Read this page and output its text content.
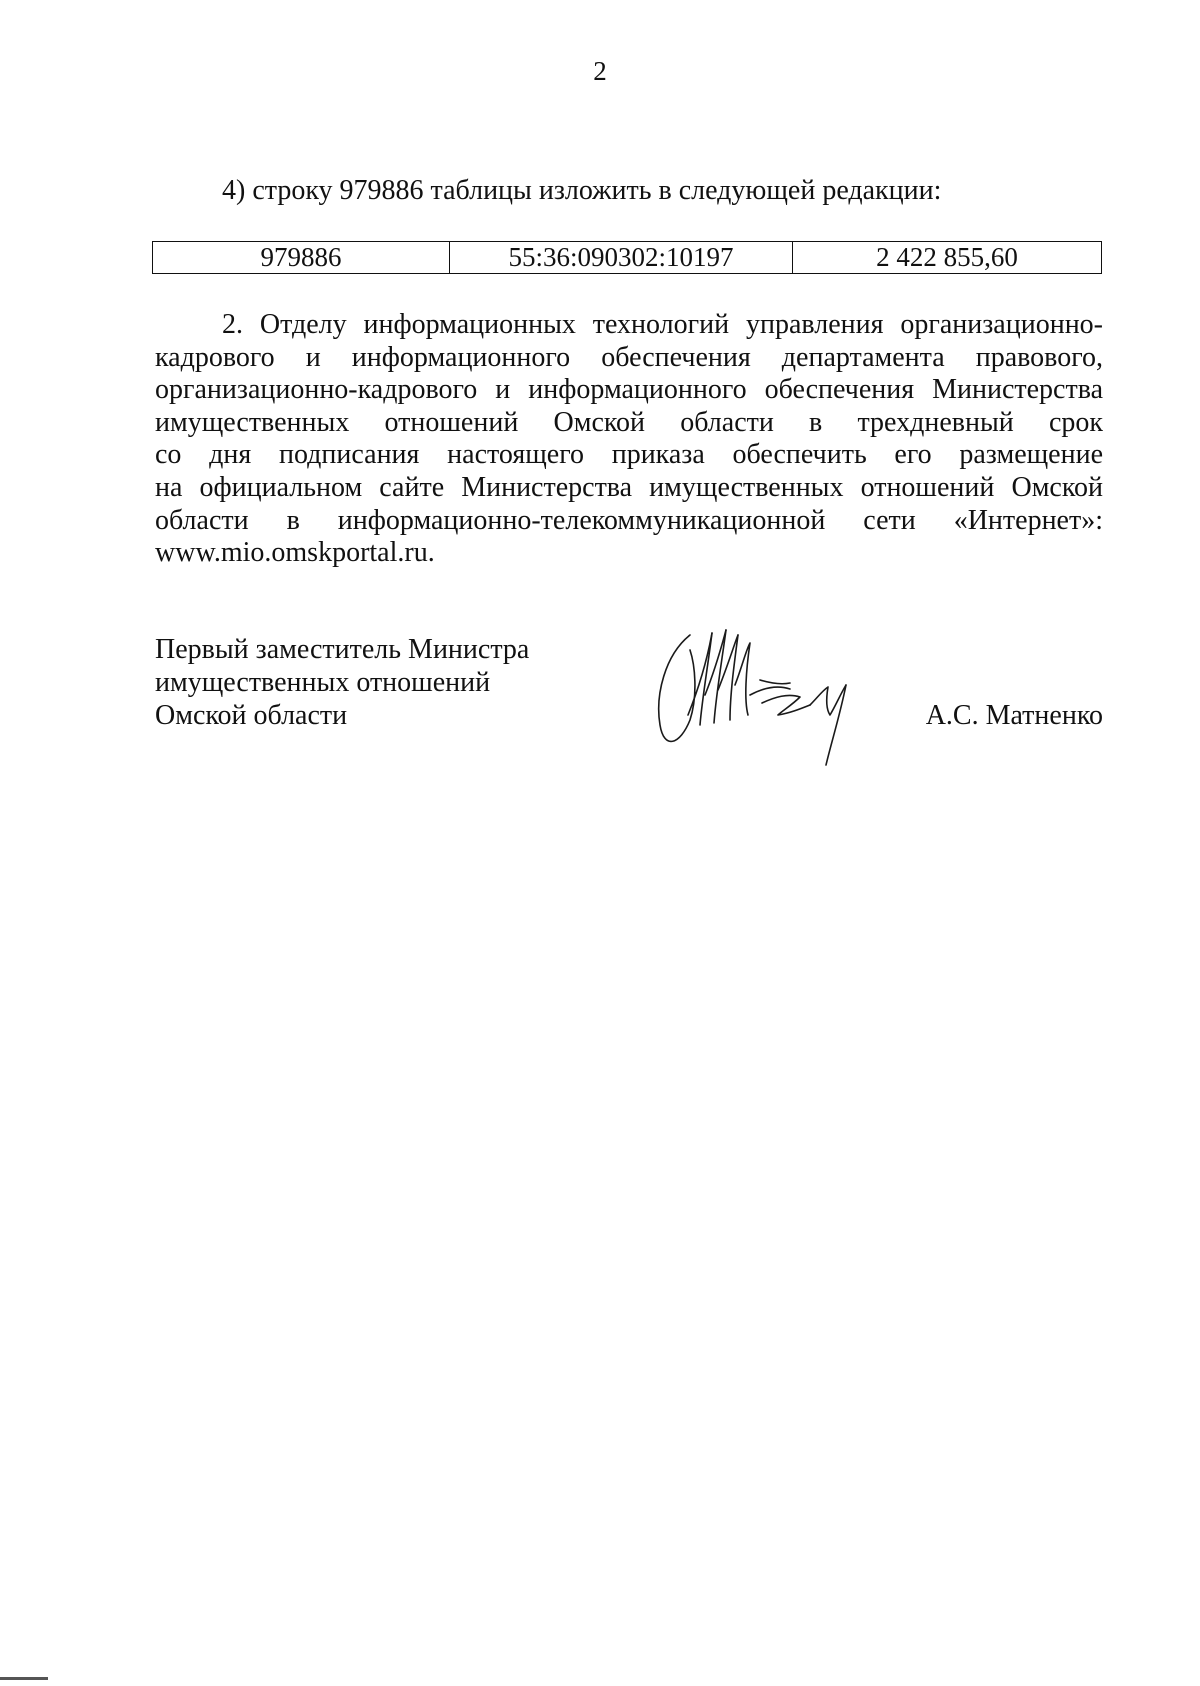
2
4) строку 979886 таблицы изложить в следующей редакции:
979886	55:36:090302:10197	2 422 855,60
2. Отделу информационных технологий управления организационно-
кадрового и информационного обеспечения департамента правового,
организационно-кадрового и информационного обеспечения Министерства
имущественных отношений Омской области в трехдневный срок
со дня подписания настоящего приказа обеспечить его размещение
на официальном сайте Министерства имущественных отношений Омской
области в информационно-телекоммуникационной сети «Интернет»:
www.mio.omskportal.ru.
Первый заместитель Министра
имущественных отношений
Омской области	А.С. Матненко
